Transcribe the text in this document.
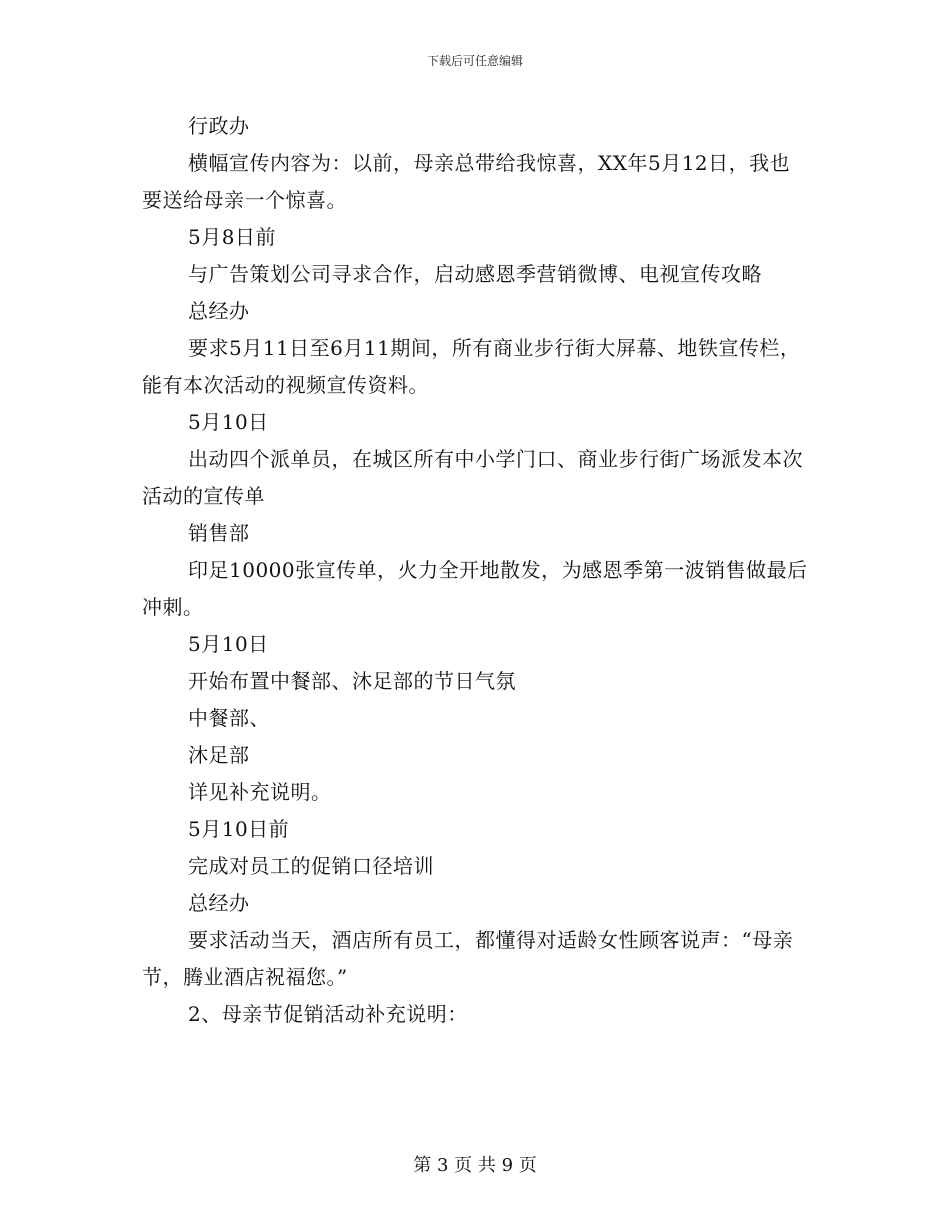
下载后可任意编辑

行政办

横幅宣传内容为：以前，母亲总带给我惊喜，XX年5月12日，我也要送给母亲一个惊喜。

5月8日前

与广告策划公司寻求合作，启动感恩季营销微博、电视宣传攻略

总经办

要求5月11日至6月11期间，所有商业步行街大屏幕、地铁宣传栏，能有本次活动的视频宣传资料。

5月10日

出动四个派单员，在城区所有中小学门口、商业步行街广场派发本次活动的宣传单

销售部

印足10000张宣传单，火力全开地散发，为感恩季第一波销售做最后冲刺。

5月10日

开始布置中餐部、沐足部的节日气氛

中餐部、

沐足部

详见补充说明。

5月10日前

完成对员工的促销口径培训

总经办

要求活动当天，酒店所有员工，都懂得对适龄女性顾客说声：“母亲节，腾业酒店祝福您。”

2、母亲节促销活动补充说明：

第 3 页 共 9 页
